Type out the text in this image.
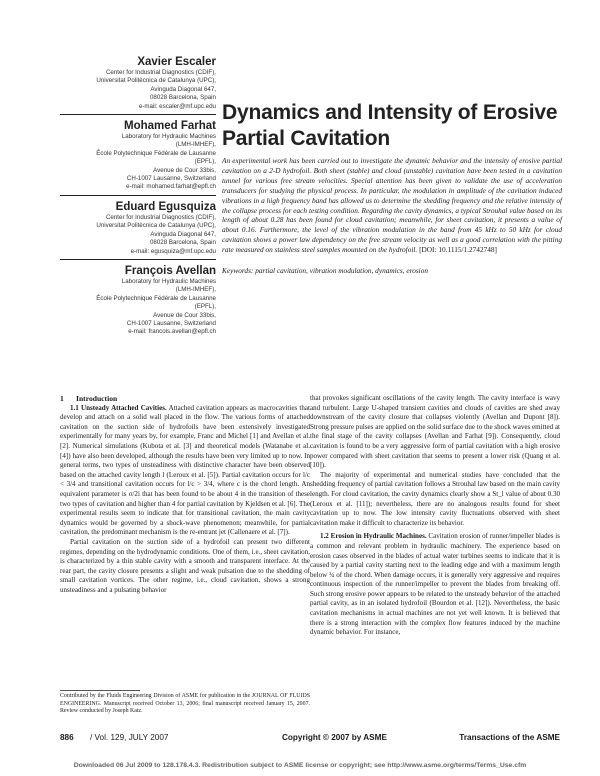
Xavier Escaler
Center for Industrial Diagnostics (CDIF),
Universitat Politècnica de Catalunya (UPC),
Avinguda Diagonal 647,
08028 Barcelona, Spain
e-mail: escaler@mf.upc.edu
Mohamed Farhat
Laboratory for Hydraulic Machines
(LMH-IMHEF),
École Polytechnique Fédérale de Lausanne
(EPFL),
Avenue de Cour 33bis,
CH-1007 Lausanne, Switzerland
e-mail: mohamed.farhat@epfl.ch
Eduard Egusquiza
Center for Industrial Diagnostics (CDIF),
Universitat Politècnica de Catalunya (UPC),
Avinguda Diagonal 647,
08028 Barcelona, Spain
e-mail: egusquiza@mf.upc.edu
François Avellan
Laboratory for Hydraulic Machines
(LMH-IMHEF),
École Polytechnique Fédérale de Lausanne
(EPFL),
Avenue de Cour 33bis,
CH-1007 Lausanne, Switzerland
e-mail: francois.avellan@epfl.ch
Dynamics and Intensity of Erosive
Partial Cavitation
An experimental work has been carried out to investigate the dynamic behavior and the intensity of erosive partial cavitation on a 2-D hydrofoil. Both sheet (stable) and cloud (unstable) cavitation have been tested in a cavitation tunnel for various free stream velocities. Special attention has been given to validate the use of acceleration transducers for studying the physical process. In particular, the modulation in amplitude of the cavitation induced vibrations in a high frequency band has allowed us to determine the shedding frequency and the relative intensity of the collapse process for each testing condition. Regarding the cavity dynamics, a typical Strouhal value based on its length of about 0.28 has been found for cloud cavitation; meanwhile, for sheet cavitation, it presents a value of about 0.16. Furthermore, the level of the vibration modulation in the band from 45 kHz to 50 kHz for cloud cavitation shows a power law dependency on the free stream velocity as well as a good correlation with the pitting rate measured on stainless steel samples mounted on the hydrofoil. [DOI: 10.1115/1.2742748]
Keywords: partial cavitation, vibration modulation, dynamics, erosion

1 Introduction

1.1 Unsteady Attached Cavities. Attached cavitation appears as macrocavities that develop and attach on a solid wall placed in the flow. The various forms of attached cavitation on the suction side of hydrofoils have been extensively investigated experimentally for many years by, for example, Franc and Michel [1] and Avellan et al. [2]. Numerical simulations (Kubota et al. [3] and theoretical models (Watanabe et al. [4]) have also been developed, although the results have been very limited up to now. In general terms, two types of unsteadiness with distinctive character have been observed based on the attached cavity length l (Leroux et al. [5]). Partial cavitation occurs for l/c < 3/4 and transitional cavitation occurs for l/c > 3/4, where c is the chord length. An equivalent parameter is σ/2i that has been found to be about 4 in the transition of these two types of cavitation and higher than 4 for partial cavitation by Kjeldsen et al. [6]. The experimental results seem to indicate that for transitional cavitation, the main cavity dynamics would be governed by a shock-wave phenomenon; meanwhile, for partial cavitation, the predominant mechanism is the re-entrant jet (Callenaere et al. [7]).

Partial cavitation on the suction side of a hydrofoil can present two different regimes, depending on the hydrodynamic conditions. One of them, i.e., sheet cavitation, is characterized by a thin stable cavity with a smooth and transparent interface. At the rear part, the cavity closure presents a slight and weak pulsation due to the shedding of small cavitation vortices. The other regime, i.e., cloud cavitation, shows a strong unsteadiness and a pulsating behavior

that provokes significant oscillations of the cavity length. The cavity interface is wavy and turbulent. Large U-shaped transient cavities and clouds of cavities are shed away downstream of the cavity closure that collapses violently (Avellan and Dupont [8]). Strong pressure pulses are applied on the solid surface due to the shock waves emitted at the final stage of the cavity collapses (Avellan and Farhat [9]). Consequently, cloud cavitation is found to be a very aggressive form of partial cavitation with a high erosive power compared with sheet cavitation that seems to present a lower risk (Quang et al. [10]).

The majority of experimental and numerical studies have concluded that the shedding frequency of partial cavitation follows a Strouhal law based on the main cavity length. For cloud cavitation, the cavity dynamics clearly show a St_l value of about 0.30 (Leroux et al. [11]); nevertheless, there are no analogous results found for sheet cavitation up to now. The low intensity cavity fluctuations observed with sheet cavitation make it difficult to characterize its behavior.

1.2 Erosion in Hydraulic Machines. Cavitation erosion of runner/impeller blades is a common and relevant problem in hydraulic machinery. The experience based on erosion cases observed in the blades of actual water turbines seems to indicate that it is caused by a partial cavity starting next to the leading edge and with a maximum length below ¾ of the chord. When damage occurs, it is generally very aggressive and requires continuous inspection of the runner/impeller to prevent the blades from breaking off. Such strong erosive power appears to be related to the unsteady behavior of the attached partial cavity, as in an isolated hydrofoil (Bourdon et al. [12]). Nevertheless, the basic cavitation mechanisms in actual machines are not yet well known. It is believed that there is a strong interaction with the complex flow features induced by the machine dynamic behavior. For instance,

Contributed by the Fluids Engineering Division of ASME for publication in the JOURNAL OF FLUIDS ENGINEERING. Manuscript received October 13, 2006; final manuscript received January 15, 2007. Review conducted by Joseph Katz.
886 / Vol. 129, JULY 2007	Copyright © 2007 by ASME	Transactions of the ASME
Downloaded 06 Jul 2009 to 128.178.4.3. Redistribution subject to ASME license or copyright; see http://www.asme.org/terms/Terms_Use.cfm
